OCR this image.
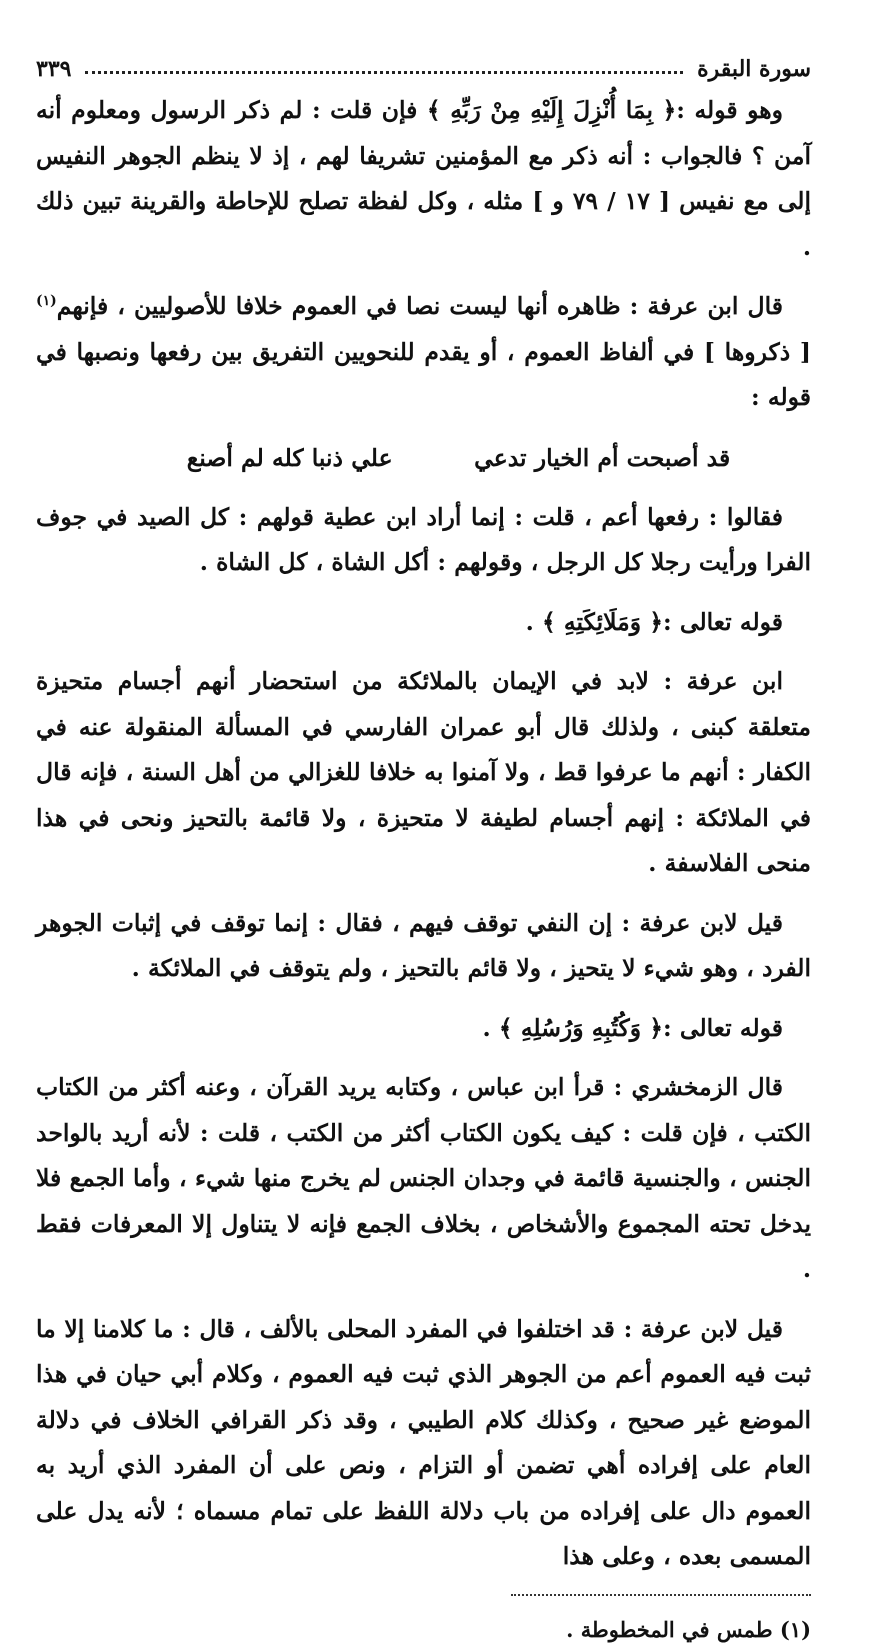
سورة البقرة
٣٣٩

وهو قوله :﴿ بِمَا أُنْزِلَ إِلَيْهِ مِنْ رَبِّهِ ﴾ فإن قلت : لم ذكر الرسول ومعلوم أنه آمن ؟ فالجواب : أنه ذكر مع المؤمنين تشريفا لهم ، إذ لا ينظم الجوهر النفيس إلى مع نفيس [ ١٧ / ٧٩ و ] مثله ، وكل لفظة تصلح للإحاطة والقرينة تبين ذلك .

قال ابن عرفة : ظاهره أنها ليست نصا في العموم خلافا للأصوليين ، فإنهم$^{(١)}$ [ ذكروها ] في ألفاظ العموم ، أو يقدم للنحويين التفريق بين رفعها ونصبها في قوله :

قد أصبحت أم الخيار تدعي
علي ذنبا كله لم أصنع

فقالوا : رفعها أعم ، قلت : إنما أراد ابن عطية قولهم : كل الصيد في جوف الفرا ورأيت رجلا كل الرجل ، وقولهم : أكل الشاة ، كل الشاة .

قوله تعالى :﴿ وَمَلَائِكَتِهِ ﴾ .

ابن عرفة : لابد في الإيمان بالملائكة من استحضار أنهم أجسام متحيزة متعلقة كبنى ، ولذلك قال أبو عمران الفارسي في المسألة المنقولة عنه في الكفار : أنهم ما عرفوا قط ، ولا آمنوا به خلافا للغزالي من أهل السنة ، فإنه قال في الملائكة : إنهم أجسام لطيفة لا متحيزة ، ولا قائمة بالتحيز ونحى في هذا منحى الفلاسفة .

قيل لابن عرفة : إن النفي توقف فيهم ، فقال : إنما توقف في إثبات الجوهر الفرد ، وهو شيء لا يتحيز ، ولا قائم بالتحيز ، ولم يتوقف في الملائكة .

قوله تعالى :﴿ وَكُتُبِهِ وَرُسُلِهِ ﴾ .

قال الزمخشري : قرأ ابن عباس ، وكتابه يريد القرآن ، وعنه أكثر من الكتاب الكتب ، فإن قلت : كيف يكون الكتاب أكثر من الكتب ، قلت : لأنه أريد بالواحد الجنس ، والجنسية قائمة في وجدان الجنس لم يخرج منها شيء ، وأما الجمع فلا يدخل تحته المجموع والأشخاص ، بخلاف الجمع فإنه لا يتناول إلا المعرفات فقط .

قيل لابن عرفة : قد اختلفوا في المفرد المحلى بالألف ، قال : ما كلامنا إلا ما ثبت فيه العموم أعم من الجوهر الذي ثبت فيه العموم ، وكلام أبي حيان في هذا الموضع غير صحيح ، وكذلك كلام الطيبي ، وقد ذكر القرافي الخلاف في دلالة العام على إفراده أهي تضمن أو التزام ، ونص على أن المفرد الذي أريد به العموم دال على إفراده من باب دلالة اللفظ على تمام مسماه ؛ لأنه يدل على المسمى بعده ، وعلى هذا

(١) طمس في المخطوطة .
